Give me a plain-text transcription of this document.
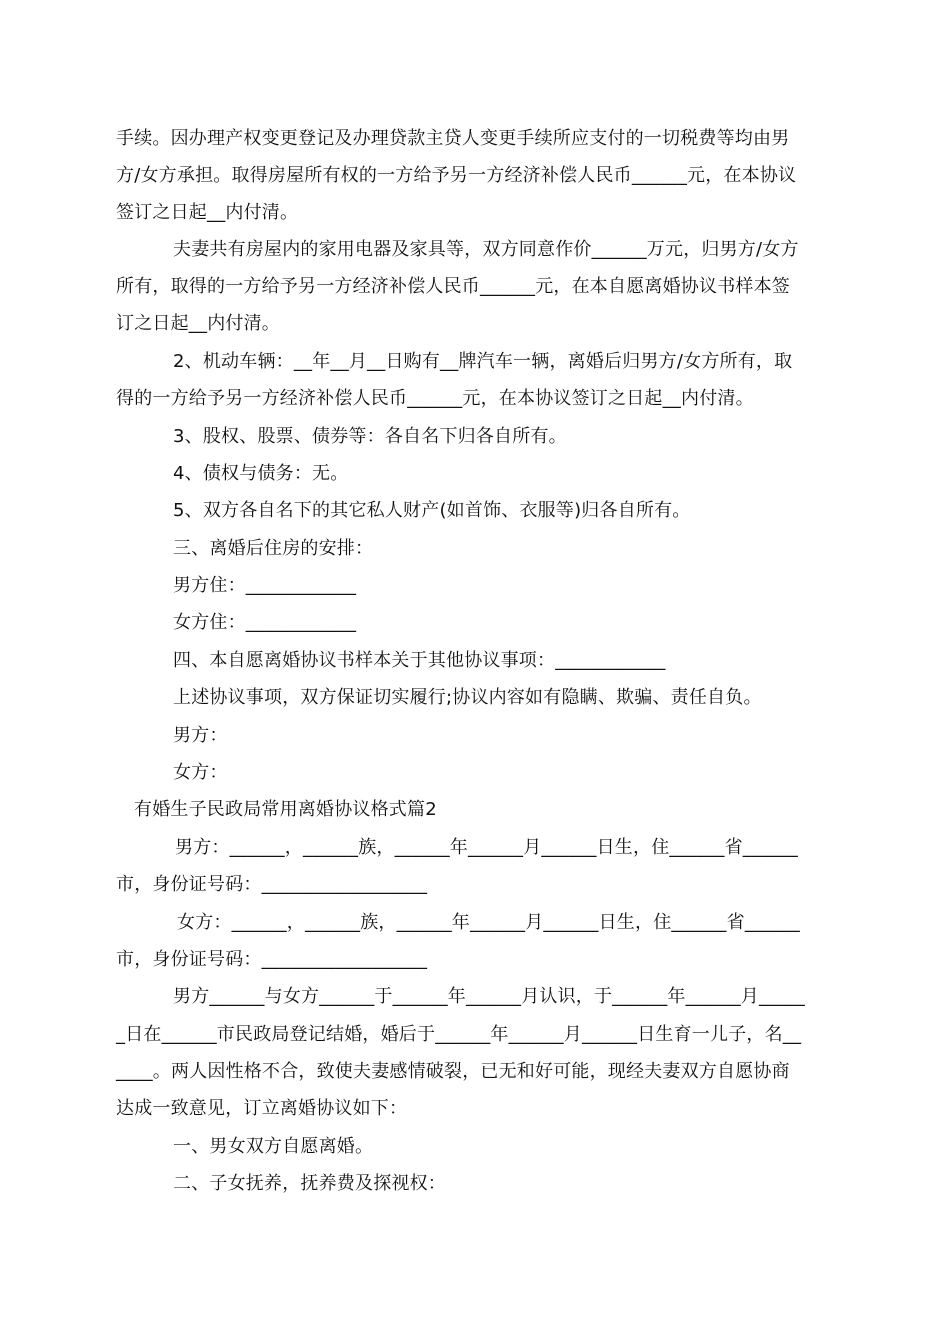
手续。因办理产权变更登记及办理贷款主贷人变更手续所应支付的一切税费等均由男
方/女方承担。取得房屋所有权的一方给予另一方经济补偿人民币______元，在本协议
签订之日起__内付清。
夫妻共有房屋内的家用电器及家具等，双方同意作价______万元，归男方/女方
所有，取得的一方给予另一方经济补偿人民币______元，在本自愿离婚协议书样本签
订之日起__内付清。
2、机动车辆：__年__月__日购有__牌汽车一辆，离婚后归男方/女方所有，取
得的一方给予另一方经济补偿人民币______元，在本协议签订之日起__内付清。
3、股权、股票、债券等：各自名下归各自所有。
4、债权与债务：无。
5、双方各自名下的其它私人财产(如首饰、衣服等)归各自所有。
三、离婚后住房的安排：
男方住：____________
女方住：____________
四、本自愿离婚协议书样本关于其他协议事项：____________
上述协议事项，双方保证切实履行;协议内容如有隐瞒、欺骗、责任自负。
男方：
女方：
有婚生子民政局常用离婚协议格式篇2
男方：______，______族，______年______月______日生，住______省______
市，身份证号码：__________________
女方：______，______族，______年______月______日生，住______省______
市，身份证号码：__________________
男方______与女方______于______年______月认识，于______年______月_____
_日在______市民政局登记结婚，婚后于______年______月______日生育一儿子，名__
____。两人因性格不合，致使夫妻感情破裂，已无和好可能，现经夫妻双方自愿协商
达成一致意见，订立离婚协议如下：
一、男女双方自愿离婚。
二、子女抚养，抚养费及探视权：
